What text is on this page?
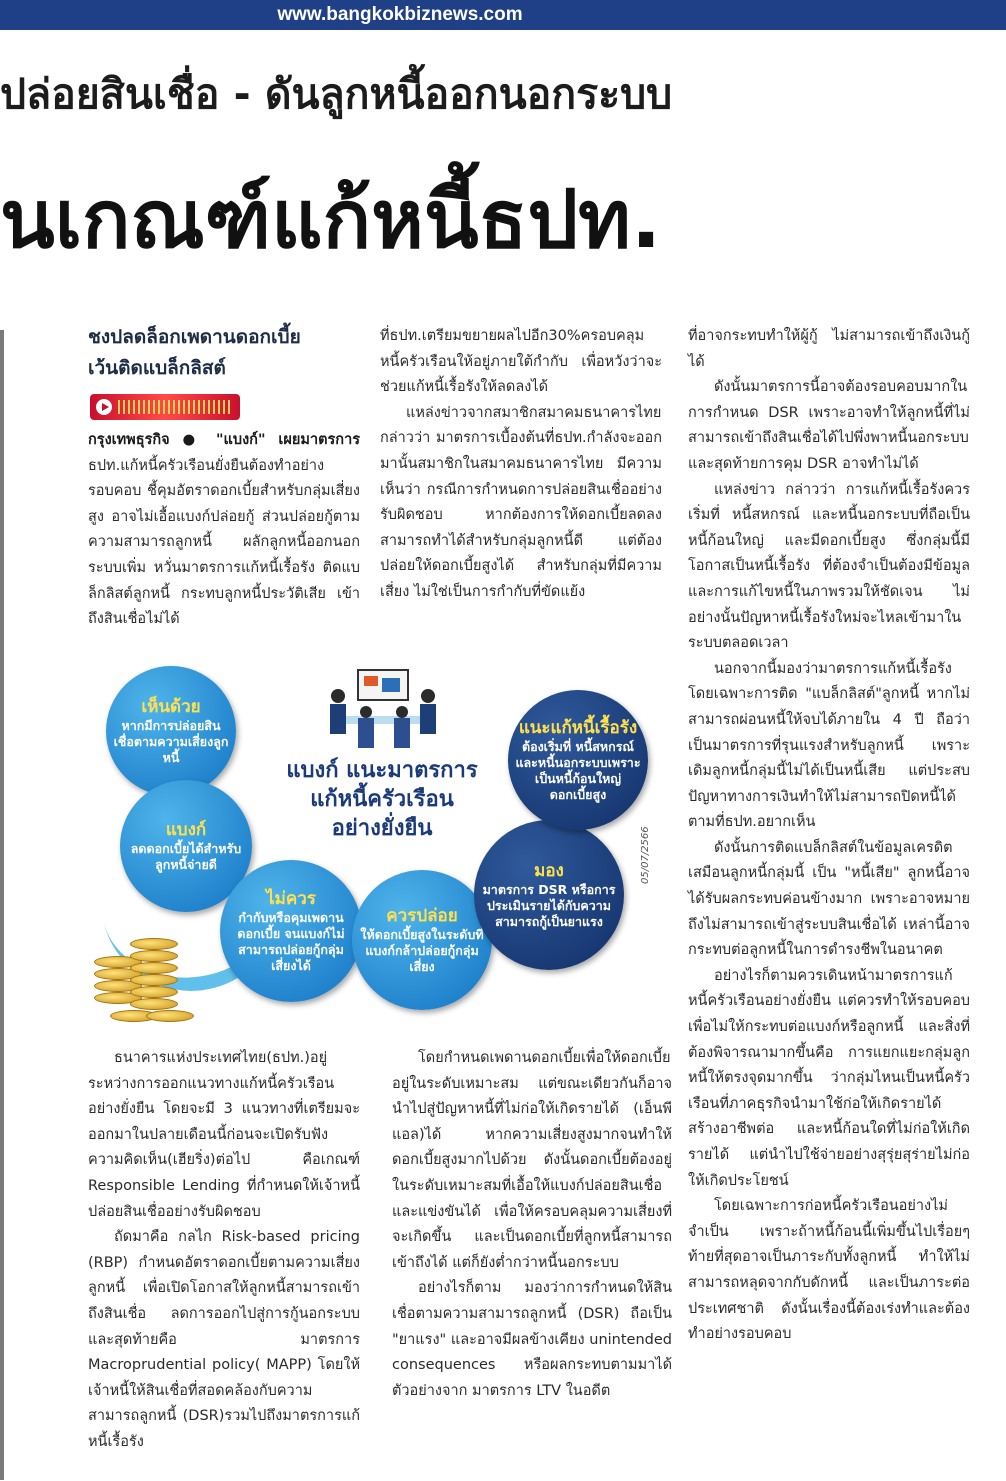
www.bangkokbiznews.com
ปล่อยสินเชื่อ - ดันลูกหนี้ออกนอกระบบ
นเกณฑ์แก้หนี้ธปท.
ชงปลดล็อกเพดานดอกเบี้ย
เว้นติดแบล็กลิสต์

กรุงเทพธุรกิจ ● "แบงก์" เผยมาตรการ ธปท.แก้หนี้ครัวเรือนยั่งยืนต้องทำอย่างรอบคอบ ชี้คุมอัตราดอกเบี้ยสำหรับกลุ่มเสี่ยงสูง อาจไม่เอื้อแบงก์ปล่อยกู้ ส่วนปล่อยกู้ตามความสามารถลูกหนี้ ผลักลูกหนี้ออกนอกระบบเพิ่ม หวั่นมาตรการแก้หนี้เรื้อรัง ติดแบล็กลิสต์ลูกหนี้ กระทบลูกหนี้ประวัติเสีย เข้าถึงสินเชื่อไม่ได้

ที่ธปท.เตรียมขยายผลไปอีก30%ครอบคลุมหนี้ครัวเรือนให้อยู่ภายใต้กำกับ เพื่อหวังว่าจะช่วยแก้หนี้เรื้อรังให้ลดลงได้

แหล่งข่าวจากสมาชิกสมาคมธนาคารไทย กล่าวว่า มาตรการเบื้องต้นที่ธปท.กำลังจะออกมานั้นสมาชิกในสมาคมธนาคารไทย มีความเห็นว่า กรณีการกำหนดการปล่อยสินเชื่ออย่างรับผิดชอบ หากต้องการให้ดอกเบี้ยลดลงสามารถทำได้สำหรับกลุ่มลูกหนี้ดี แต่ต้องปล่อยให้ดอกเบี้ยสูงได้ สำหรับกลุ่มที่มีความเสี่ยง ไม่ใช่เป็นการกำกับที่ขัดแย้ง

ที่อาจกระทบทำให้ผู้กู้ ไม่สามารถเข้าถึงเงินกู้ได้

ดังนั้นมาตรการนี้อาจต้องรอบคอบมากในการกำหนด DSR เพราะอาจทำให้ลูกหนี้ที่ไม่สามารถเข้าถึงสินเชื่อได้ไปพึ่งพาหนี้นอกระบบและสุดท้ายการคุม DSR อาจทำไม่ได้

แหล่งข่าว กล่าวว่า การแก้หนี้เรื้อรังควรเริ่มที่ หนี้สหกรณ์ และหนี้นอกระบบที่ถือเป็นหนี้ก้อนใหญ่ และมีดอกเบี้ยสูง ซึ่งกลุ่มนี้มีโอกาสเป็นหนี้เรื้อรัง ที่ต้องจำเป็นต้องมีข้อมูลและการแก้ไขหนี้ในภาพรวมให้ชัดเจน ไม่อย่างนั้นปัญหาหนี้เรื้อรังใหม่จะไหลเข้ามาในระบบตลอดเวลา

นอกจากนี้มองว่ามาตรการแก้หนี้เรื้อรังโดยเฉพาะการติด "แบล็กลิสต์"ลูกหนี้ หากไม่สามารถผ่อนหนี้ให้จบได้ภายใน 4 ปี ถือว่าเป็นมาตรการที่รุนแรงสำหรับลูกหนี้ เพราะเดิมลูกหนี้กลุ่มนี้ไม่ได้เป็นหนี้เสีย แต่ประสบปัญหาทางการเงินทำให้ไม่สามารถปิดหนี้ได้ตามที่ธปท.อยากเห็น

ดังนั้นการติดแบล็กลิสต์ในข้อมูลเครดิตเสมือนลูกหนี้กลุ่มนี้ เป็น "หนี้เสีย" ลูกหนี้อาจได้รับผลกระทบค่อนข้างมาก เพราะอาจหมายถึงไม่สามารถเข้าสู่ระบบสินเชื่อได้ เหล่านี้อาจกระทบต่อลูกหนี้ในการดำรงชีพในอนาคต

อย่างไรก็ตามควรเดินหน้ามาตรการแก้หนี้ครัวเรือนอย่างยั่งยืน แต่ควรทำให้รอบคอบ เพื่อไม่ให้กระทบต่อแบงก์หรือลูกหนี้ และสิ่งที่ต้องพิจารณามากขึ้นคือ การแยกแยะกลุ่มลูกหนี้ให้ตรงจุดมากขึ้น ว่ากลุ่มไหนเป็นหนี้ครัวเรือนที่ภาคธุรกิจนำมาใช้ก่อให้เกิดรายได้ สร้างอาชีพต่อ และหนี้ก้อนใดที่ไม่ก่อให้เกิดรายได้ แต่นำไปใช้จ่ายอย่างสุรุ่ยสุร่ายไม่ก่อให้เกิดประโยชน์

โดยเฉพาะการก่อหนี้ครัวเรือนอย่างไม่จำเป็น เพราะถ้าหนี้ก้อนนี้เพิ่มขึ้นไปเรื่อยๆ ท้ายที่สุดอาจเป็นภาระกับทั้งลูกหนี้ ทำให้ไม่สามารถหลุดจากกับดักหนี้ และเป็นภาระต่อประเทศชาติ ดังนั้นเรื่องนี้ต้องเร่งทำและต้องทำอย่างรอบคอบ

แบงก์ แนะมาตรการ
แก้หนี้ครัวเรือน
อย่างยั่งยืน
เห็นด้วย
หากมีการปล่อยสินเชื่อตามความเสี่ยงลูกหนี้
แบงก์
ลดดอกเบี้ยได้สำหรับลูกหนี้จ่ายดี
ไม่ควร
กำกับหรือคุมเพดานดอกเบี้ย จนแบงก์ไม่สามารถปล่อยกู้กลุ่มเสี่ยงได้
ควรปล่อย
ให้ดอกเบี้ยสูงในระดับที่แบงก์กล้าปล่อยกู้กลุ่มเสี่ยง
มอง
มาตรการ DSR หรือการประเมินรายได้กับความสามารถกู้เป็นยาแรง
แนะแก้หนี้เรื้อรัง
ต้องเริ่มที่ หนี้สหกรณ์และหนี้นอกระบบเพราะเป็นหนี้ก้อนใหญ่ดอกเบี้ยสูง
05/07/2566

ธนาคารแห่งประเทศไทย(ธปท.)อยู่ระหว่างการออกแนวทางแก้หนี้ครัวเรือนอย่างยั่งยืน โดยจะมี 3 แนวทางที่เตรียมจะออกมาในปลายเดือนนี้ก่อนจะเปิดรับฟังความคิดเห็น(เฮียริ่ง)ต่อไป คือเกณฑ์ Responsible Lending ที่กำหนดให้เจ้าหนี้ปล่อยสินเชื่ออย่างรับผิดชอบ

ถัดมาคือ กลไก Risk-based pricing (RBP) กำหนดอัตราดอกเบี้ยตามความเสี่ยงลูกหนี้ เพื่อเปิดโอกาสให้ลูกหนี้สามารถเข้าถึงสินเชื่อ ลดการออกไปสู่การกู้นอกระบบ และสุดท้ายคือ มาตรการ Macroprudential policy( MAPP) โดยให้เจ้าหนี้ให้สินเชื่อที่สอดคล้องกับความสามารถลูกหนี้ (DSR)รวมไปถึงมาตรการแก้หนี้เรื้อรัง

โดยกำหนดเพดานดอกเบี้ยเพื่อให้ดอกเบี้ยอยู่ในระดับเหมาะสม แต่ขณะเดียวกันก็อาจนำไปสู่ปัญหาหนี้ที่ไม่ก่อให้เกิดรายได้ (เอ็นพีแอล)ได้ หากความเสี่ยงสูงมากจนทำให้ดอกเบี้ยสูงมากไปด้วย ดังนั้นดอกเบี้ยต้องอยู่ในระดับเหมาะสมที่เอื้อให้แบงก์ปล่อยสินเชื่อ และแข่งขันได้ เพื่อให้ครอบคลุมความเสี่ยงที่จะเกิดขึ้น และเป็นดอกเบี้ยที่ลูกหนี้สามารถเข้าถึงได้ แต่ก็ยังต่ำกว่าหนี้นอกระบบ

อย่างไรก็ตาม มองว่าการกำหนดให้สินเชื่อตามความสามารถลูกหนี้ (DSR) ถือเป็น "ยาแรง" และอาจมีผลข้างเคียง unintended consequences หรือผลกระทบตามมาได้ ตัวอย่างจาก มาตรการ LTV ในอดีต
